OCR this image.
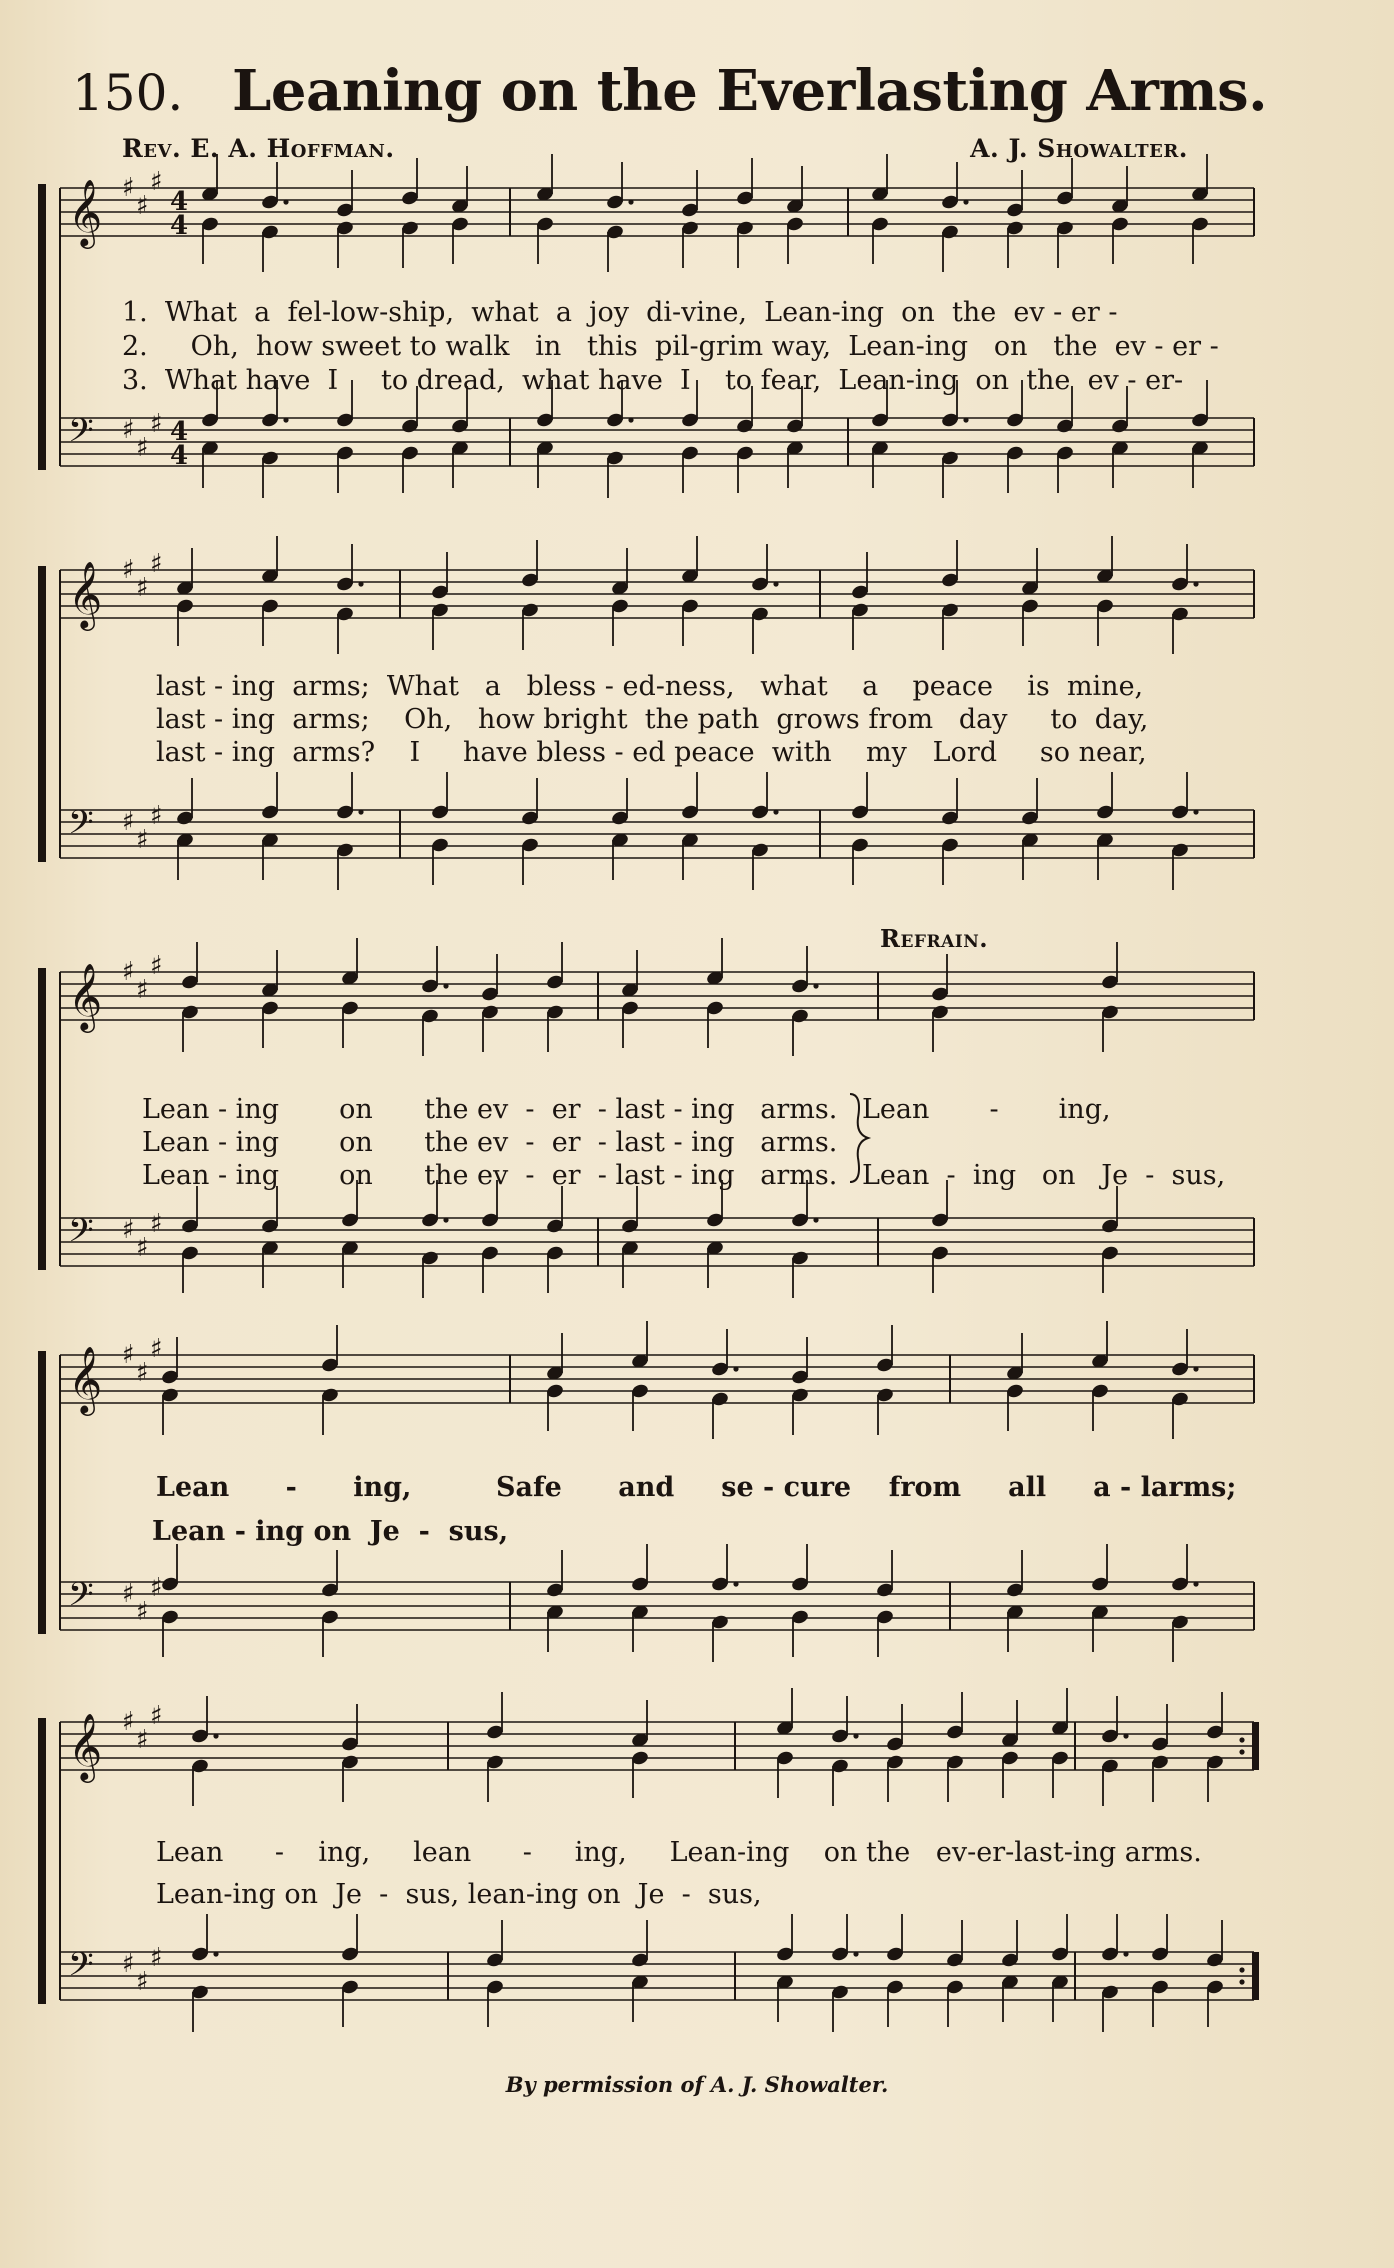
150. Leaning on the Everlasting Arms.
Rev. E. A. Hoffman.	A. J. Showalter.
𝄞 ♯
♯
♯
4
4
𝄢 ♯
♯
♯ 4
4
𝄞 ♯
♯
♯
𝄢 ♯
♯
♯
𝄞 ♯
♯
♯
𝄢 ♯
♯
♯
𝄞 ♯
♯
♯
𝄢 ♯
♯
♯
𝄞 ♯
♯
♯
𝄢 ♯
♯
♯
Refrain.
1.  What  a  fel-low-ship,  what  a  joy  di-vine,  Lean-ing  on  the  ev - er -
2.     Oh,  how sweet to walk   in   this  pil-grim way,  Lean-ing   on   the  ev - er -
3.  What have  I     to dread,  what have  I    to fear,  Lean-ing  on  the  ev - er-
last - ing  arms;  What   a   bless - ed-ness,   what    a    peace    is  mine,
last - ing  arms;    Oh,   how bright  the path  grows from   day     to  day,
last - ing  arms?    I     have bless - ed peace  with    my   Lord     so near,
Lean - ing       on      the ev  -  er  - last - ing   arms.
Lean - ing       on      the ev  -  er  - last - ing   arms.
Lean - ing       on      the ev  -  er  - last - ing   arms.
Lean       -       ing,
Lean  -  ing   on   Je  -  sus,
Lean      -      ing,         Safe      and     se - cure    from     all     a - larms;
Lean - ing on  Je  -  sus,
Lean      -    ing,     lean      -     ing,     Lean-ing    on the   ev-er-last-ing arms.
Lean-ing on  Je  -  sus, lean-ing on  Je  -  sus,
By permission of A. J. Showalter.
